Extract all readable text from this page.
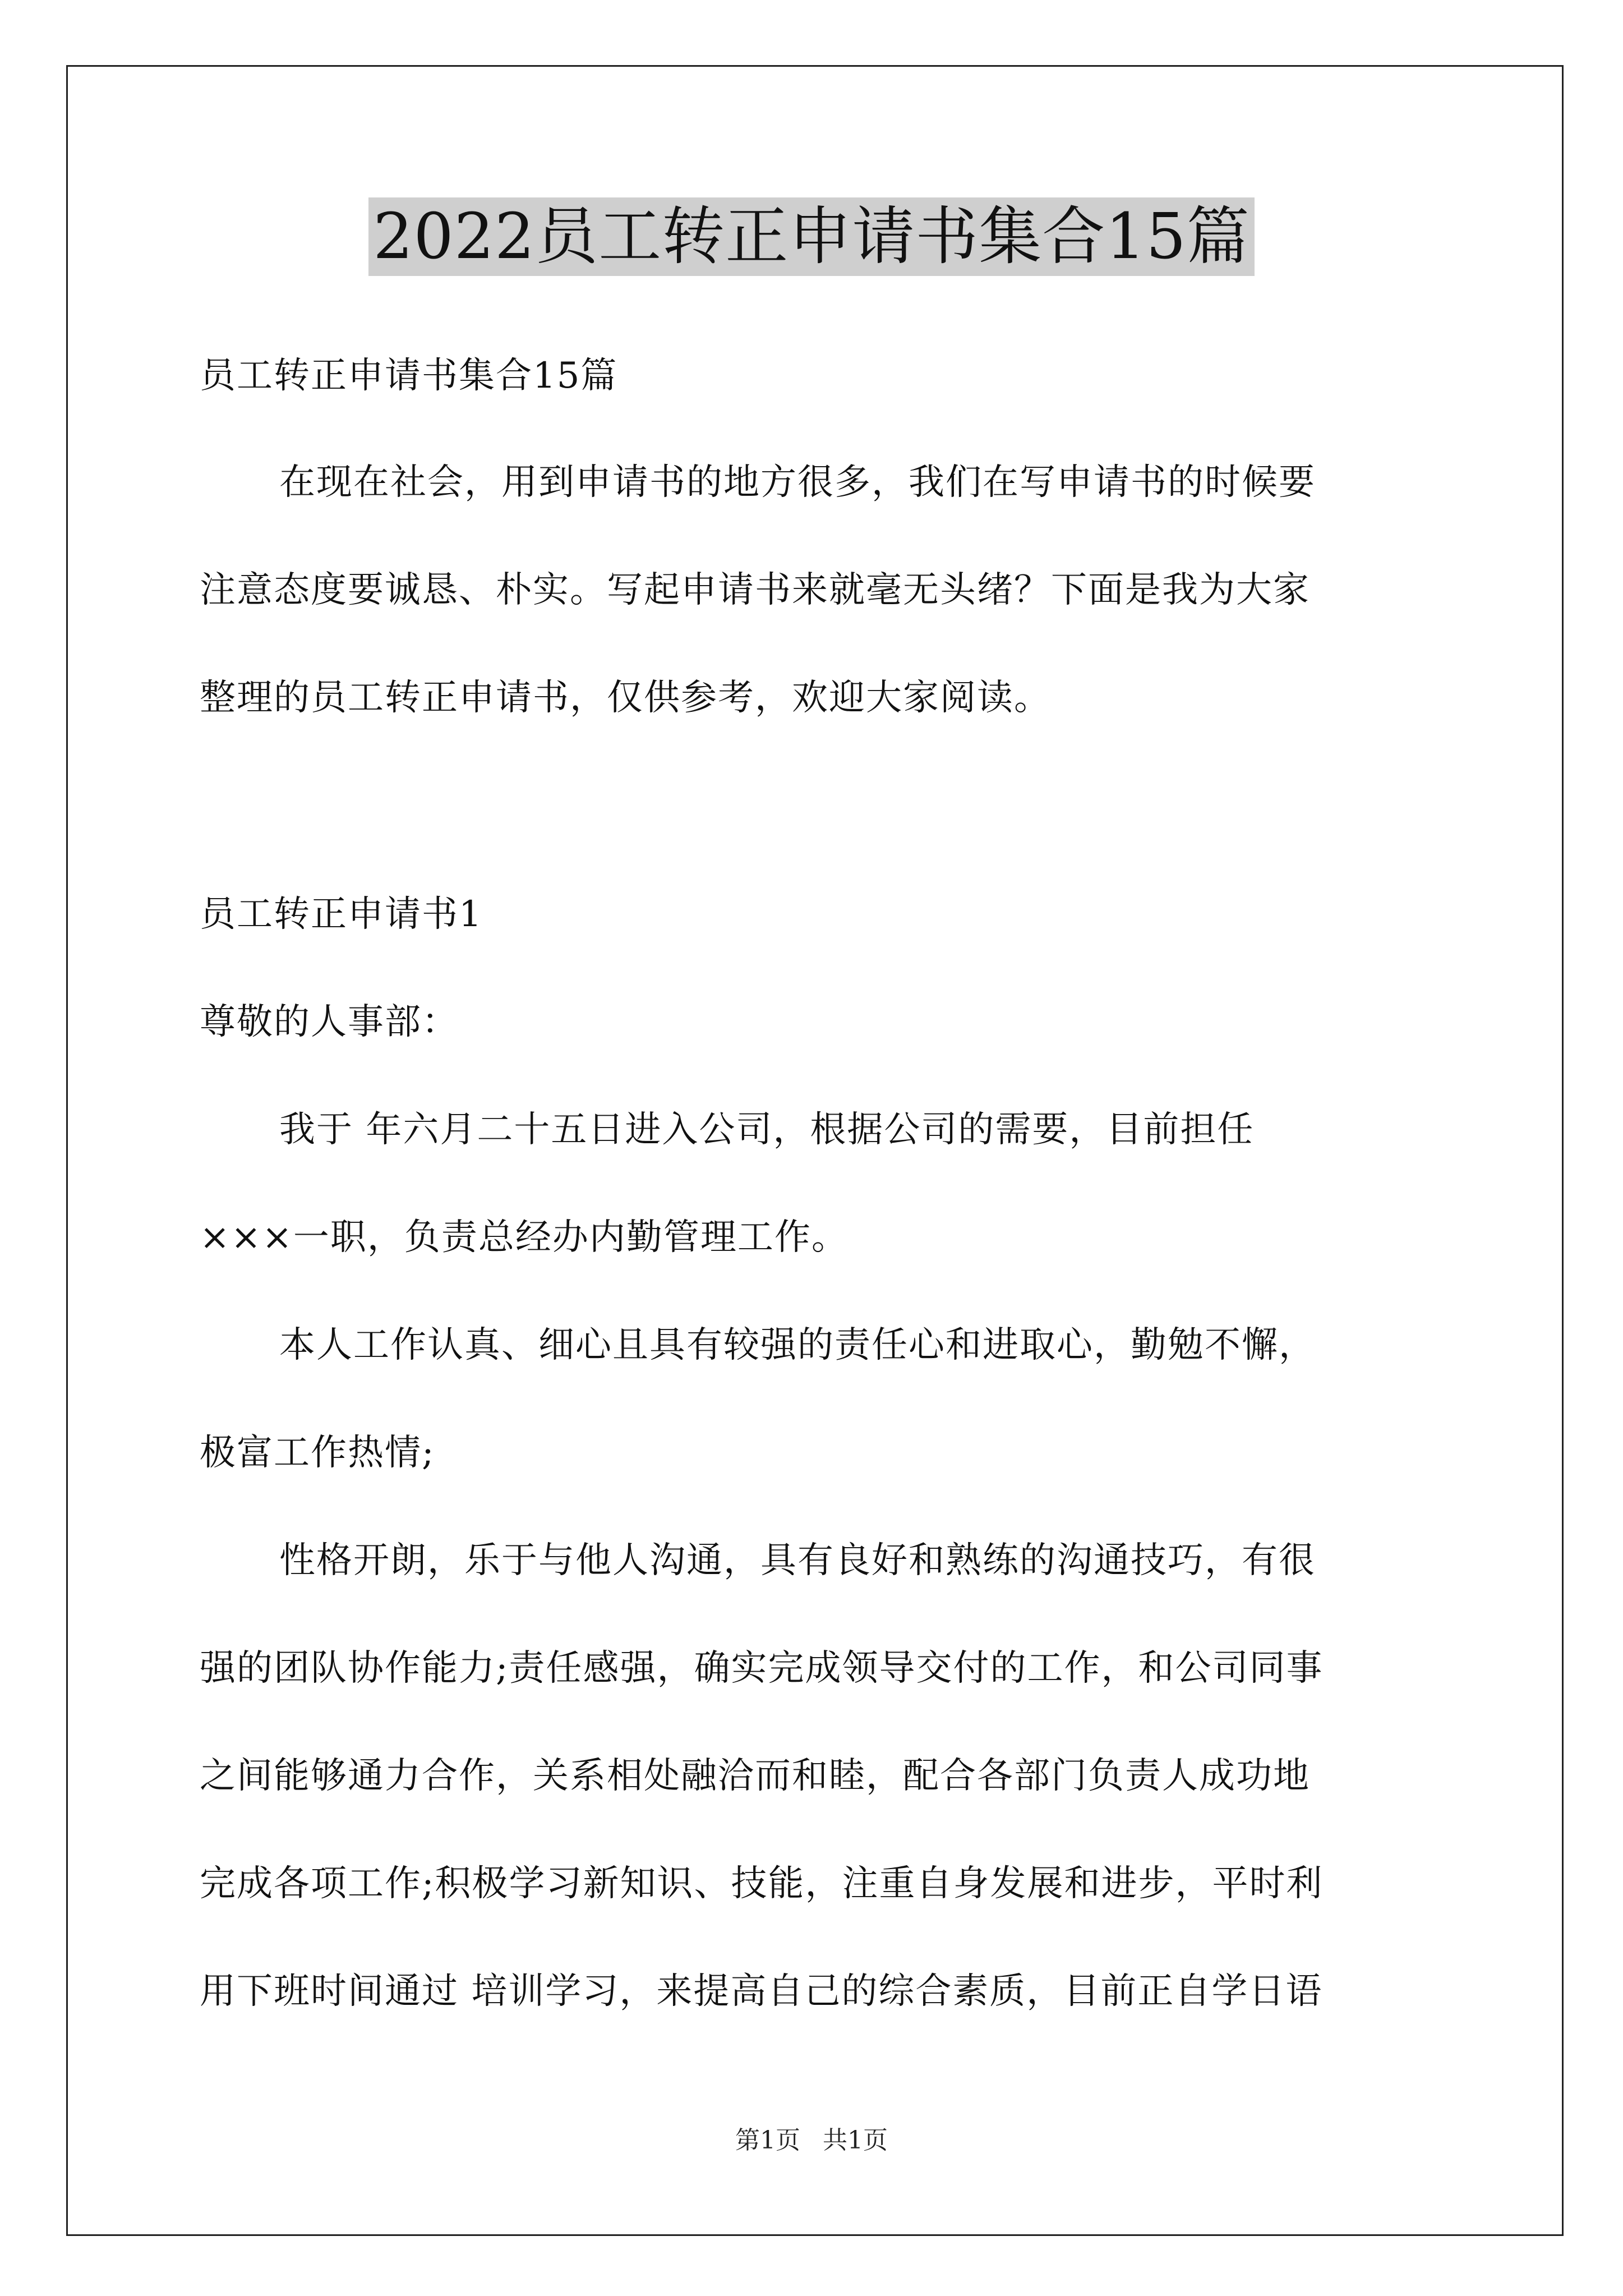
2022员工转正申请书集合15篇

员工转正申请书集合15篇

在现在社会，用到申请书的地方很多，我们在写申请书的时候要

注意态度要诚恳、朴实。写起申请书来就毫无头绪？下面是我为大家

整理的员工转正申请书，仅供参考，欢迎大家阅读。

员工转正申请书1

尊敬的人事部：

我于 年六月二十五日进入公司，根据公司的需要，目前担任

×××一职，负责总经办内勤管理工作。

本人工作认真、细心且具有较强的责任心和进取心，勤勉不懈，

极富工作热情;

性格开朗，乐于与他人沟通，具有良好和熟练的沟通技巧，有很

强的团队协作能力;责任感强，确实完成领导交付的工作，和公司同事

之间能够通力合作，关系相处融洽而和睦，配合各部门负责人成功地

完成各项工作;积极学习新知识、技能，注重自身发展和进步，平时利

用下班时间通过 培训学习，来提高自己的综合素质，目前正自学日语

第1页 共1页
